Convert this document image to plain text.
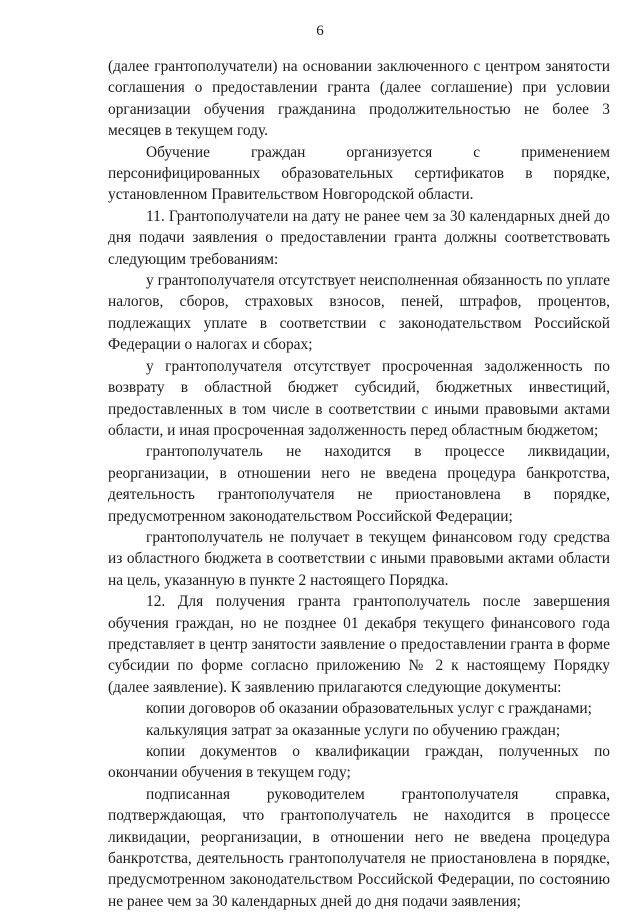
6

(далее грантополучатели) на основании заключенного с центром занятости соглашения о предоставлении гранта (далее соглашение) при условии организации обучения гражданина продолжительностью не более 3 месяцев в текущем году.

Обучение граждан организуется с применением персонифицированных образовательных сертификатов в порядке, установленном Правительством Новгородской области.

11. Грантополучатели на дату не ранее чем за 30 календарных дней до дня подачи заявления о предоставлении гранта должны соответствовать следующим требованиям:

у грантополучателя отсутствует неисполненная обязанность по уплате налогов, сборов, страховых взносов, пеней, штрафов, процентов, подлежащих уплате в соответствии с законодательством Российской Федерации о налогах и сборах;

у грантополучателя отсутствует просроченная задолженность по возврату в областной бюджет субсидий, бюджетных инвестиций, предоставленных в том числе в соответствии с иными правовыми актами области, и иная просроченная задолженность перед областным бюджетом;

грантополучатель не находится в процессе ликвидации, реорганизации, в отношении него не введена процедура банкротства, деятельность грантополучателя не приостановлена в порядке, предусмотренном законодательством Российской Федерации;

грантополучатель не получает в текущем финансовом году средства из областного бюджета в соответствии с иными правовыми актами области на цель, указанную в пункте 2 настоящего Порядка.

12. Для получения гранта грантополучатель после завершения обучения граждан, но не позднее 01 декабря текущего финансового года представляет в центр занятости заявление о предоставлении гранта в форме субсидии по форме согласно приложению № 2 к настоящему Порядку (далее заявление). К заявлению прилагаются следующие документы:

копии договоров об оказании образовательных услуг с гражданами;

калькуляция затрат за оказанные услуги по обучению граждан;

копии документов о квалификации граждан, полученных по окончании обучения в текущем году;

подписанная руководителем грантополучателя справка, подтверждающая, что грантополучатель не находится в процессе ликвидации, реорганизации, в отношении него не введена процедура банкротства, деятельность грантополучателя не приостановлена в порядке, предусмотренном законодательством Российской Федерации, по состоянию не ранее чем за 30 календарных дней до дня подачи заявления;
